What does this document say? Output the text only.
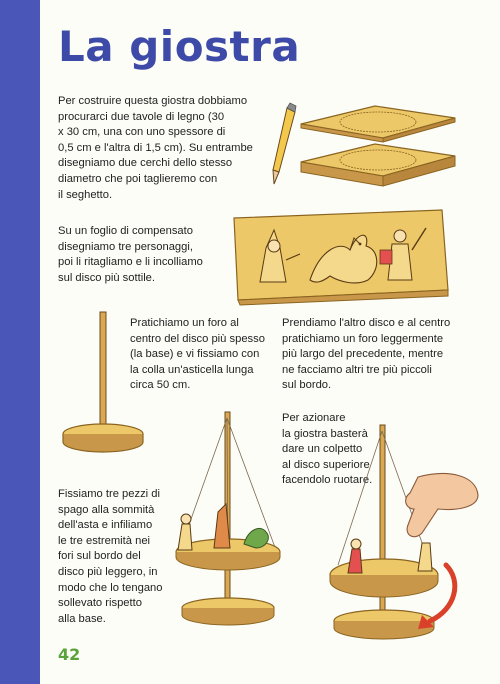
La giostra
Per costruire questa giostra dobbiamo
procurarci due tavole di legno (30
x 30 cm, una con uno spessore di
0,5 cm e l'altra di 1,5 cm). Su entrambe
disegniamo due cerchi dello stesso
diametro che poi taglieremo con
il seghetto.
Su un foglio di compensato
disegniamo tre personaggi,
poi li ritagliamo e li incolliamo
sul disco più sottile.
Pratichiamo un foro al
centro del disco più spesso
(la base) e vi fissiamo con
la colla un'asticella lunga
circa 50 cm.
Prendiamo l'altro disco e al centro
pratichiamo un foro leggermente
più largo del precedente, mentre
ne facciamo altri tre più piccoli
sul bordo.
Per azionare
la giostra basterà
dare un colpetto
al disco superiore
facendolo ruotare.
Fissiamo tre pezzi di
spago alla sommità
dell'asta e infiliamo
le tre estremità nei
fori sul bordo del
disco più leggero, in
modo che lo tengano
sollevato rispetto
alla base.
42
